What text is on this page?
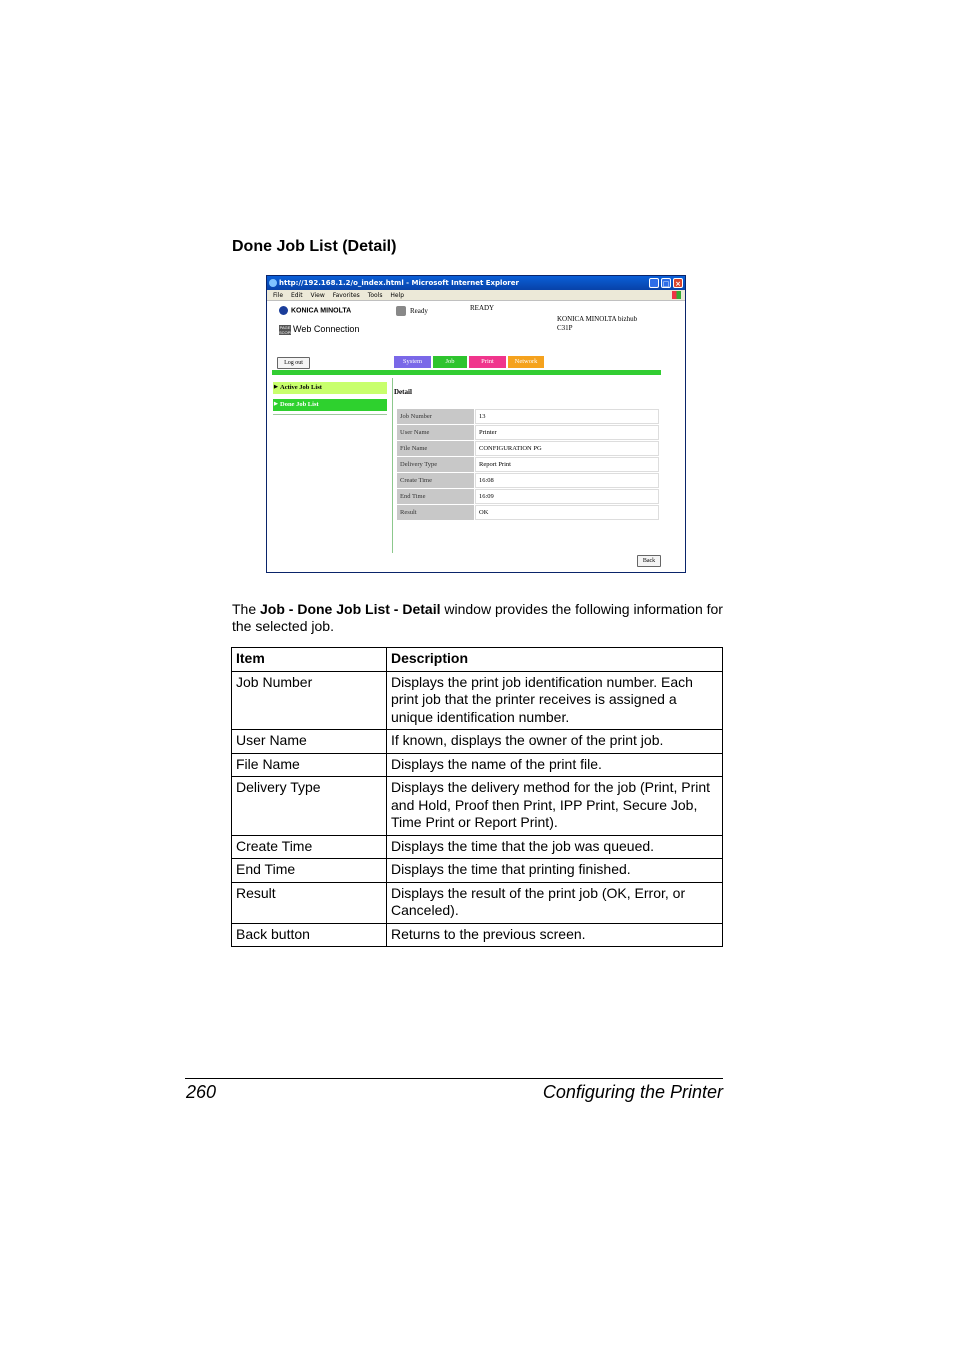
Done Job List (Detail)
http://192.168.1.2/o_index.html - Microsoft Internet Explorer	_ □ ×
File Edit View Favorites Tools Help
KONICA MINOLTA
PAGE SCOPEWeb Connection
Ready	READY
KONICA MINOLTA bizhub
C31P
Log out	System	Job	Print	Network
▶ Active Job List
▶ Done Job List
Detail
Job Number	13
User Name	Printer
File Name	CONFIGURATION PG
Delivery Type	Report Print
Create Time	16:08
End Time	16:09
Result	OK
Back
The Job - Done Job List - Detail window provides the following information for the selected job.
Item	Description
Job Number	Displays the print job identification number. Each print job that the printer receives is assigned a unique identification number.
User Name	If known, displays the owner of the print job.
File Name	Displays the name of the print file.
Delivery Type	Displays the delivery method for the job (Print, Print and Hold, Proof then Print, IPP Print, Secure Job, Time Print or Report Print).
Create Time	Displays the time that the job was queued.
End Time	Displays the time that printing finished.
Result	Displays the result of the print job (OK, Error, or Canceled).
Back button	Returns to the previous screen.
260	Configuring the Printer
